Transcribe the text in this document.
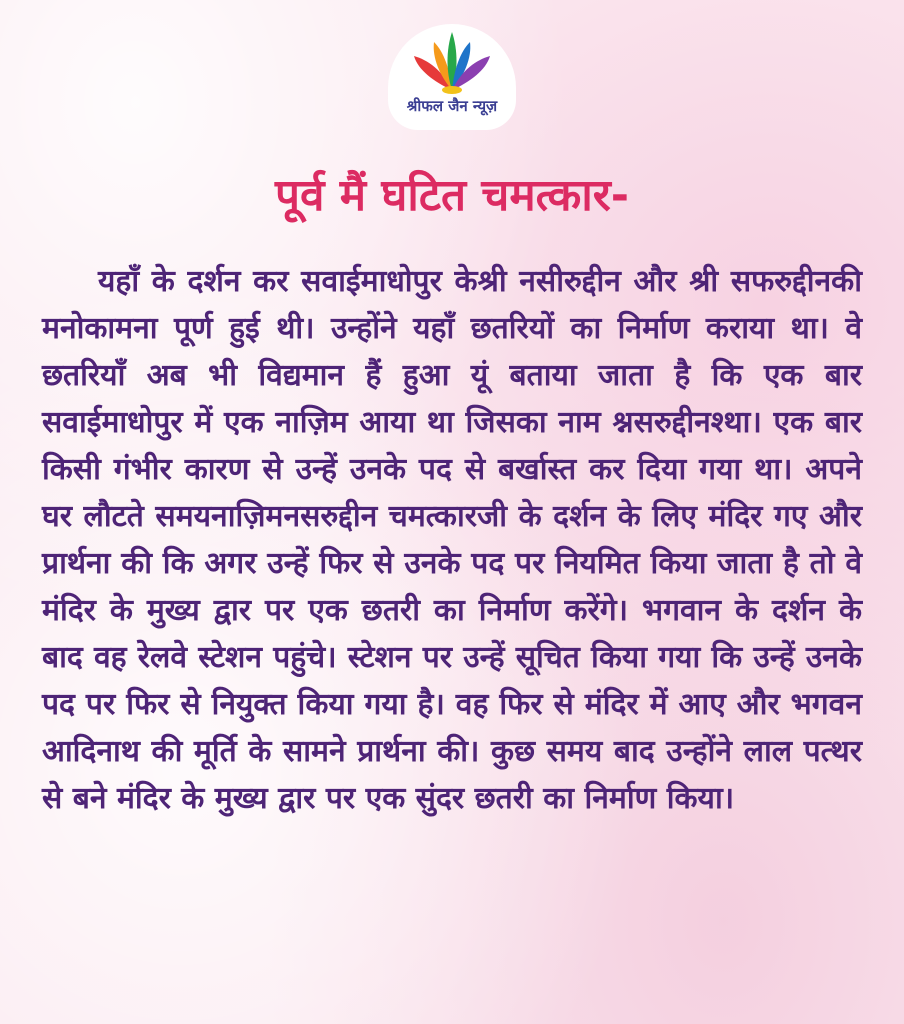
श्रीफल जैन न्यूज़
पूर्व मैं घटित चमत्कार-
यहाँ के दर्शन कर सवाईमाधोपुर केश्री नसीरुद्दीन और श्री सफरुद्दीनकी मनोकामना पूर्ण हुई थी। उन्होंने यहाँ छतरियों का निर्माण कराया था। वे छतरियाँ अब भी विद्यमान हैं हुआ यूं बताया जाता है कि एक बार सवाईमाधोपुर में एक नाज़िम आया था जिसका नाम श्नसरुद्दीनश्था। एक बार किसी गंभीर कारण से उन्हें उनके पद से बर्खास्त कर दिया गया था। अपने घर लौटते समयनाज़िमनसरुद्दीन चमत्कारजी के दर्शन के लिए मंदिर गए और प्रार्थना की कि अगर उन्हें फिर से उनके पद पर नियमित किया जाता है तो वे मंदिर के मुख्य द्वार पर एक छतरी का निर्माण करेंगे। भगवान के दर्शन के बाद वह रेलवे स्टेशन पहुंचे। स्टेशन पर उन्हें सूचित किया गया कि उन्हें उनके पद पर फिर से नियुक्त किया गया है। वह फिर से मंदिर में आए और भगवन आदिनाथ की मूर्ति के सामने प्रार्थना की। कुछ समय बाद उन्होंने लाल पत्थर से बने मंदिर के मुख्य द्वार पर एक सुंदर छतरी का निर्माण किया।
